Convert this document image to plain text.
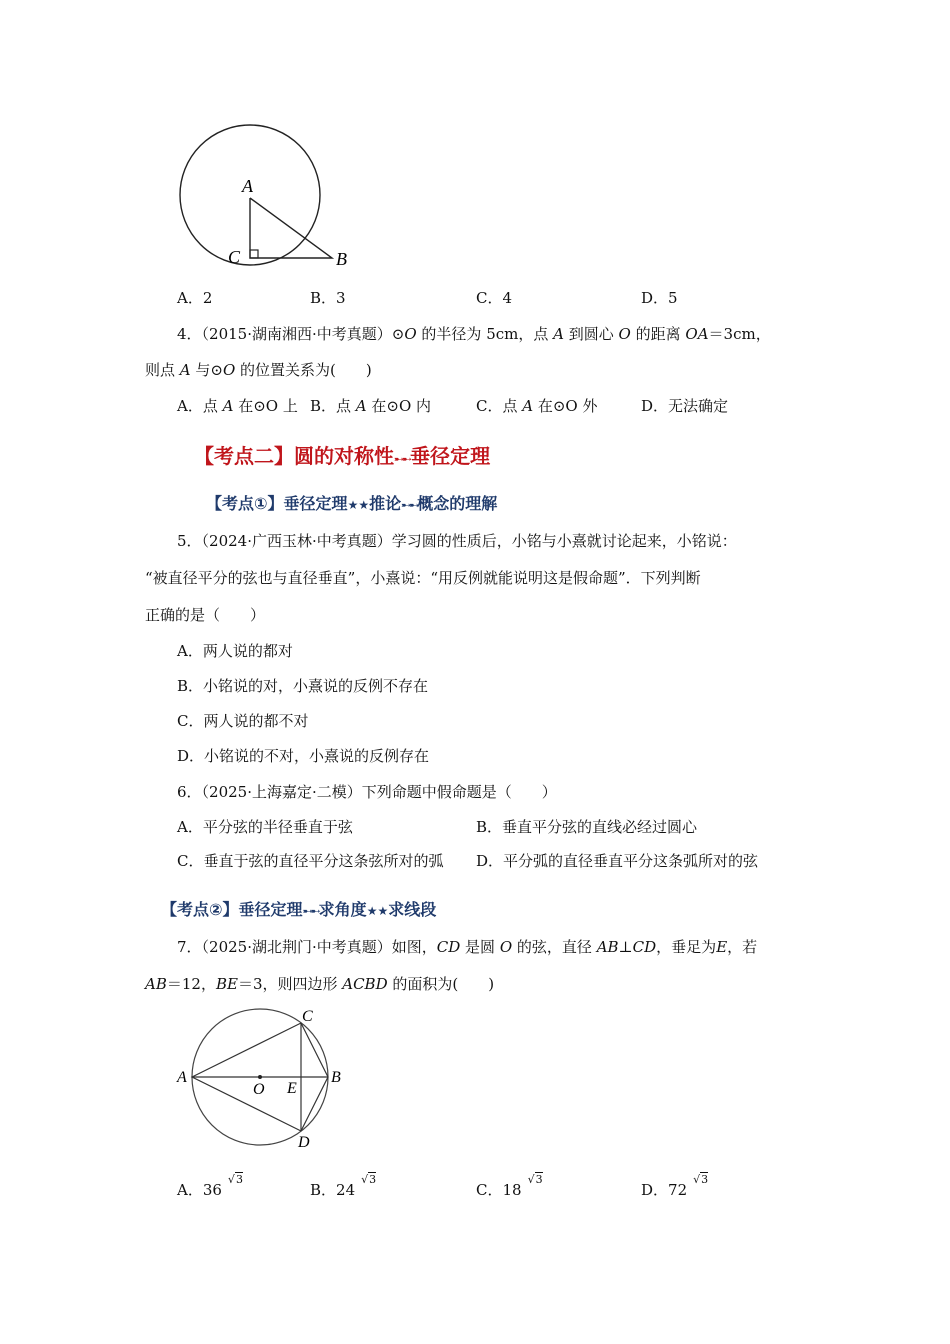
A
C	B
A．2	B．3	C．4	D．5
4．（2015·湖南湘西·中考真题）⊙O 的半径为 5cm，点 A 到圆心 O 的距离 OA＝3cm，
则点 A 与⊙O 的位置关系为(　　)
A．点 A 在⊙O 上 B．点 A 在⊙O 内	C．点 A 在⊙O 外	D．无法确定
【考点二】圆的对称性➸➸垂径定理
【考点①】垂径定理★★推论➸➸概念的理解
5．（2024·广西玉林·中考真题）学习圆的性质后，小铭与小熹就讨论起来，小铭说：
“被直径平分的弦也与直径垂直”，小熹说：“用反例就能说明这是假命题”．下列判断
正确的是（　　）
A．两人说的都对
B．小铭说的对，小熹说的反例不存在
C．两人说的都不对
D．小铭说的不对，小熹说的反例存在
6．（2025·上海嘉定·二模）下列命题中假命题是（　　）
A．平分弦的半径垂直于弦	B．垂直平分弦的直线必经过圆心
C．垂直于弦的直径平分这条弦所对的弧 D．平分弧的直径垂直平分这条弧所对的弦
【考点②】垂径定理➸➸求角度★★求线段
7．（2025·湖北荆门·中考真题）如图，CD 是圆 O 的弦，直径 AB⊥CD，垂足为E，若
AB＝12，BE＝3，则四边形 ACBD 的面积为(　　)
A	B
C
D
E
O
A．36√3
B．24√3
C．18√3
D．72√3
